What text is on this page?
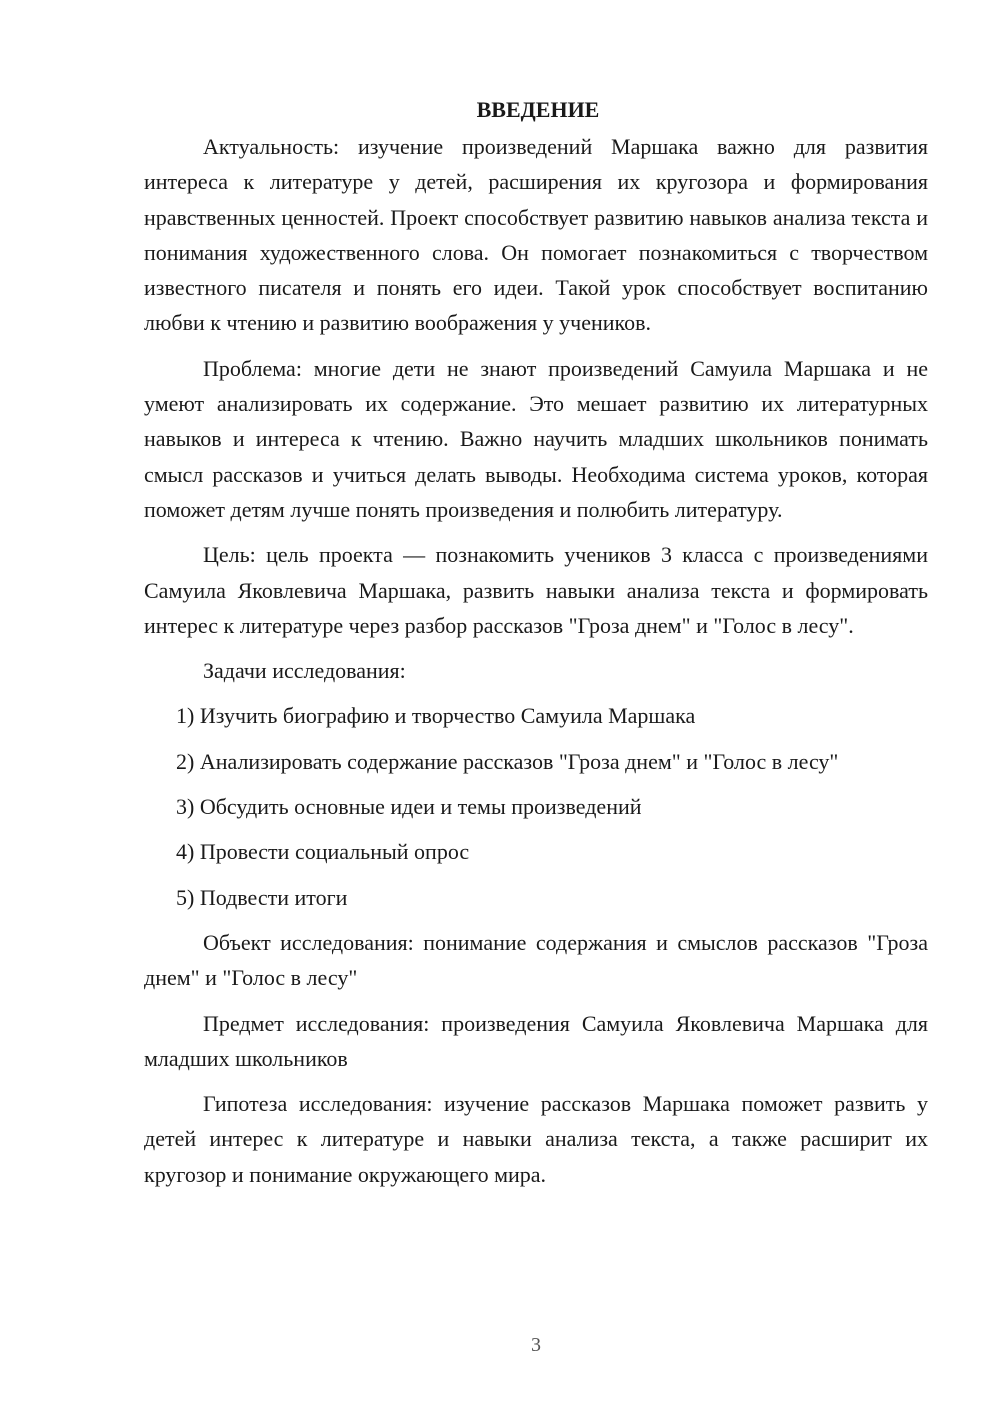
ВВЕДЕНИЕ

Актуальность: изучение произведений Маршака важно для развития интереса к литературе у детей, расширения их кругозора и формирования нравственных ценностей. Проект способствует развитию навыков анализа текста и понимания художественного слова. Он помогает познакомиться с творчеством известного писателя и понять его идеи. Такой урок способствует воспитанию любви к чтению и развитию воображения у учеников.

Проблема: многие дети не знают произведений Самуила Маршака и не умеют анализировать их содержание. Это мешает развитию их литературных навыков и интереса к чтению. Важно научить младших школьников понимать смысл рассказов и учиться делать выводы. Необходима система уроков, которая поможет детям лучше понять произведения и полюбить литературу.

Цель: цель проекта — познакомить учеников 3 класса с произведениями Самуила Яковлевича Маршака, развить навыки анализа текста и формировать интерес к литературе через разбор рассказов "Гроза днем" и "Голос в лесу".

Задачи исследования:

1) Изучить биографию и творчество Самуила Маршака
2) Анализировать содержание рассказов "Гроза днем" и "Голос в лесу"
3) Обсудить основные идеи и темы произведений
4) Провести социальный опрос
5) Подвести итоги

Объект исследования: понимание содержания и смыслов рассказов "Гроза днем" и "Голос в лесу"

Предмет исследования: произведения Самуила Яковлевича Маршака для младших школьников

Гипотеза исследования: изучение рассказов Маршака поможет развить у детей интерес к литературе и навыки анализа текста, а также расширит их кругозор и понимание окружающего мира.

3
